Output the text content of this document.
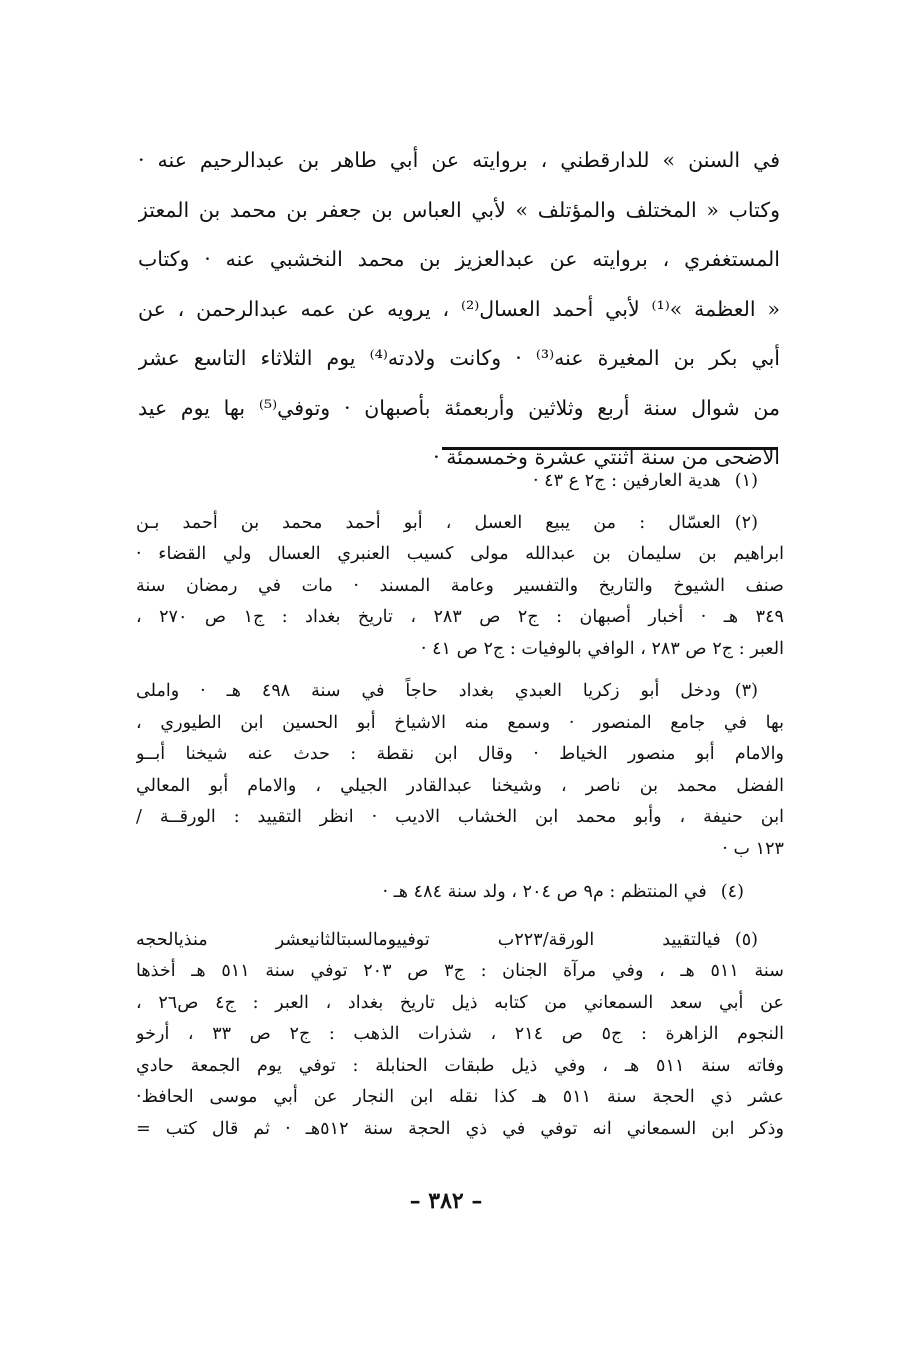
في السنن » للدارقطني ، بروايته عن أبي طاهر بن عبدالرحيم عنه ·
وكتاب « المختلف والمؤتلف » لأبي العباس بن جعفر بن محمد بن المعتز
المستغفري ، بروايته عن عبدالعزيز بن محمد النخشبي عنه · وكتاب
« العظمة »⁽¹⁾ لأبي أحمد العسال⁽²⁾ ، يرويه عن عمه عبدالرحمن ، عن
أبي بكر بن المغيرة عنه⁽³⁾ · وكانت ولادته⁽⁴⁾ يوم الثلاثاء التاسع عشر
من شوال سنة أربع وثلاثين وأربعمئة بأصبهان · وتوفي⁽⁵⁾ بها يوم عيد
الاضحى من سنة اثنتي عشرة وخمسمئة ·
(١)هدية العارفين : ج٢ ع ٤٣ ·
(٢)العسّال : من يبيع العسل ، أبو أحمد محمد بن أحمد بـن
ابراهيم بن سليمان بن عبدالله مولى كسيب العنبري العسال ولي القضاء ·
صنف الشيوخ والتاريخ والتفسير وعامة المسند · مات في رمضان سنة
٣٤٩ هـ · أخبار أصبهان : ج٢ ص ٢٨٣ ، تاريخ بغداد : ج١ ص ٢٧٠ ،
العبر : ج٢ ص ٢٨٣ ، الوافي بالوفيات : ج٢ ص ٤١ ·
(٣)ودخل أبو زكريا العبدي بغداد حاجاً في سنة ٤٩٨ هـ · واملى
بها في جامع المنصور · وسمع منه الاشياخ أبو الحسين ابن الطيوري ،
والامام أبو منصور الخياط · وقال ابن نقطة : حدث عنه شيخنا أبــو
الفضل محمد بن ناصر ، وشيخنا عبدالقادر الجيلي ، والامام أبو المعالي
ابن حنيفة ، وأبو محمد ابن الخشاب الاديب · انظر التقييد : الورقــة /
١٢٣ ب ·
(٤)في المنتظم : م٩ ص ٢٠٤ ، ولد سنة ٤٨٤ هـ ·
(٥)فيالتقييد الورقة/٢٢٣ب توفييومالسبتالثانيعشر منذيالحجه
سنة ٥١١ هـ ، وفي مرآة الجنان : ج٣ ص ٢٠٣ توفي سنة ٥١١ هـ أخذها
عن أبي سعد السمعاني من كتابه ذيل تاريخ بغداد ، العبر : ج٤ ص٢٦ ،
النجوم الزاهرة : ج٥ ص ٢١٤ ، شذرات الذهب : ج٢ ص ٣٣ ، أرخو
وفاته سنة ٥١١ هـ ، وفي ذيل طبقات الحنابلة : توفي يوم الجمعة حادي
عشر ذي الحجة سنة ٥١١ هـ كذا نقله ابن النجار عن أبي موسى الحافظ·
وذكر ابن السمعاني انه توفي في ذي الحجة سنة ٥١٢هـ · ثم قال كتب =
– ٣٨٢ –
